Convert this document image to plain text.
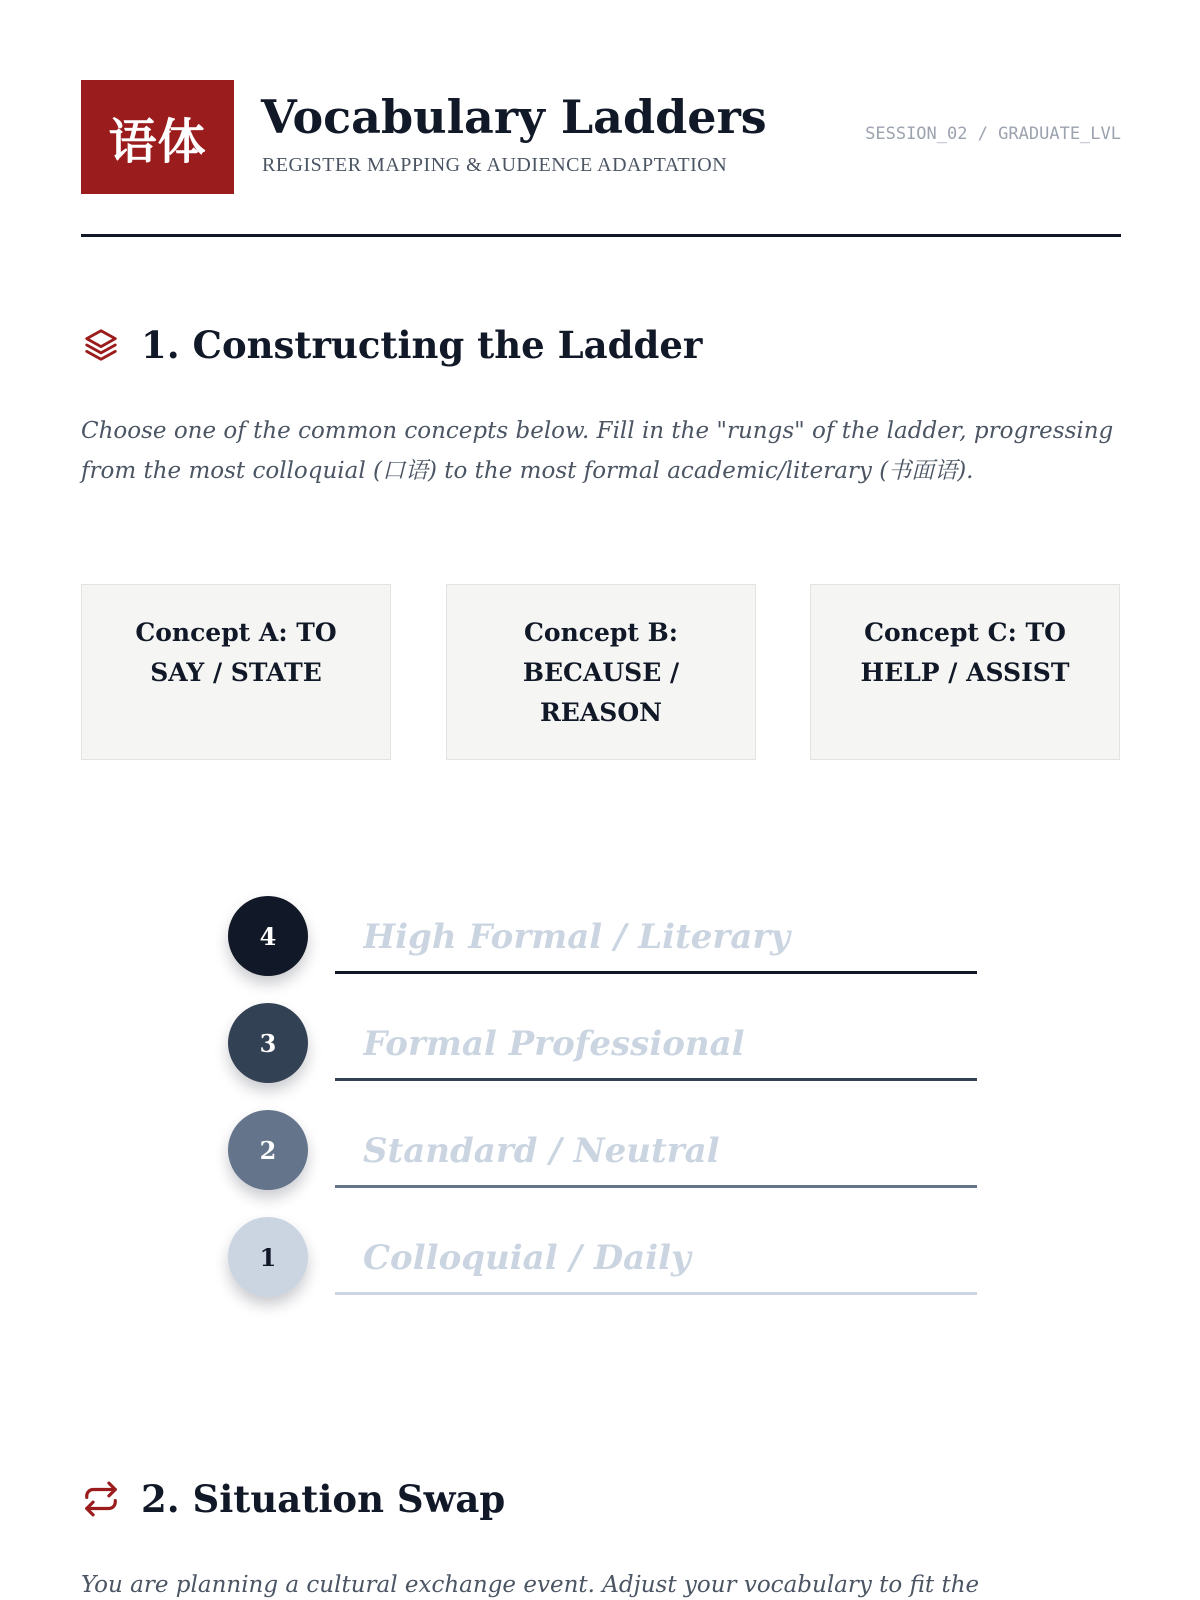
语体	Vocabulary Ladders
REGISTER MAPPING & AUDIENCE ADAPTATION
SESSION_02 / GRADUATE_LVL
1. Constructing the Ladder
Choose one of the common concepts below. Fill in the "rungs" of the ladder, progressing from the most colloquial (口语) to the most formal academic/literary (书面语).
Concept A: TO SAY / STATE
Concept B: BECAUSE / REASON
Concept C: TO HELP / ASSIST
4
High Formal / Literary
3
Formal Professional
2
Standard / Neutral
1
Colloquial / Daily
2. Situation Swap
You are planning a cultural exchange event. Adjust your vocabulary to fit the
